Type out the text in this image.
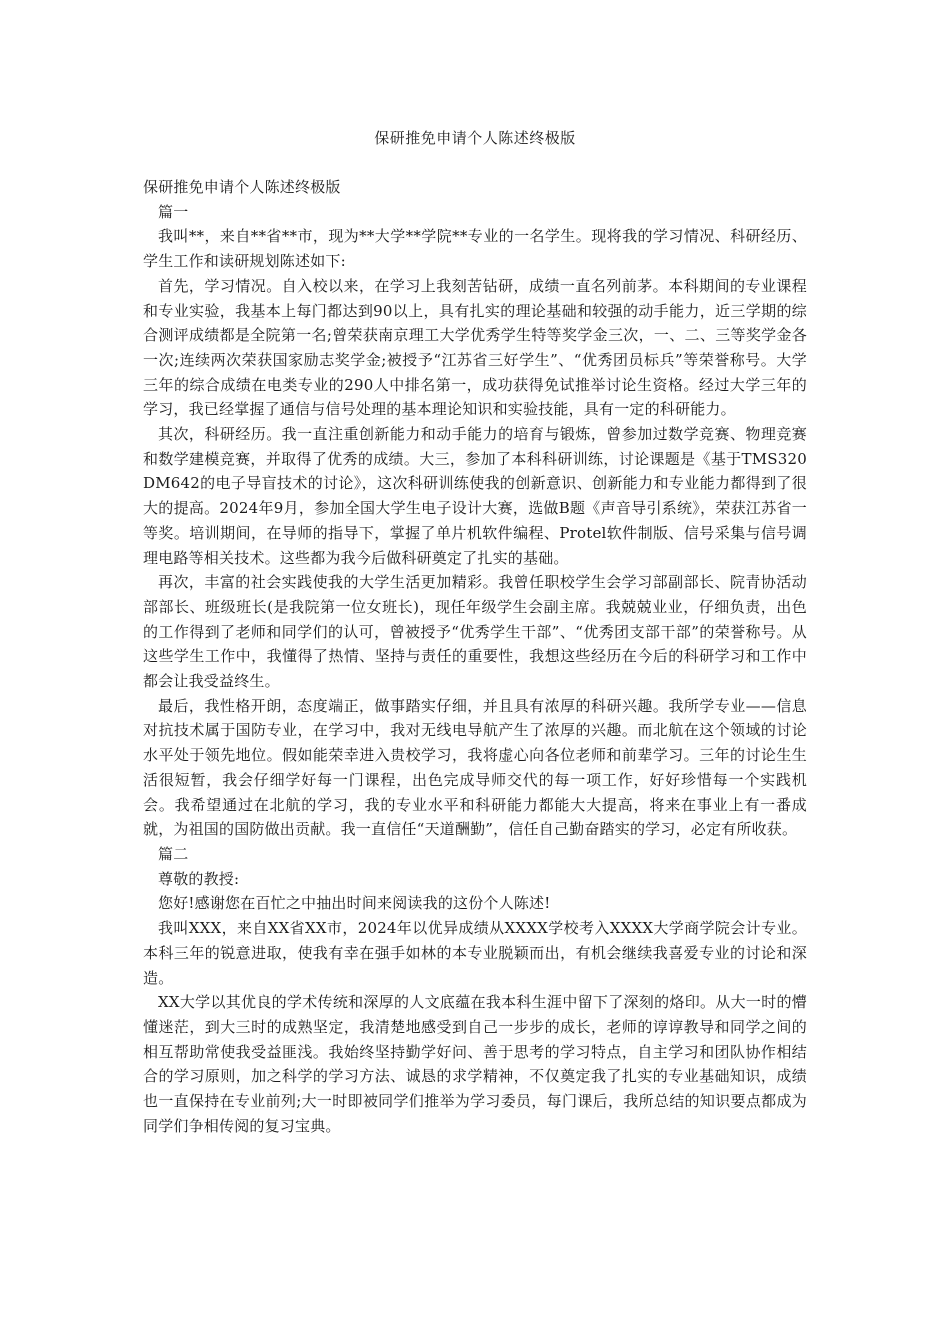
保研推免申请个人陈述终极版

保研推免申请个人陈述终极版

篇一

我叫**，来自**省**市，现为**大学**学院**专业的一名学生。现将我的学习情况、科研经历、学生工作和读研规划陈述如下:

首先，学习情况。自入校以来，在学习上我刻苦钻研，成绩一直名列前茅。本科期间的专业课程和专业实验，我基本上每门都达到90以上，具有扎实的理论基础和较强的动手能力，近三学期的综合测评成绩都是全院第一名;曾荣获南京理工大学优秀学生特等奖学金三次，一、二、三等奖学金各一次;连续两次荣获国家励志奖学金;被授予“江苏省三好学生”、“优秀团员标兵”等荣誉称号。大学三年的综合成绩在电类专业的290人中排名第一，成功获得免试推举讨论生资格。经过大学三年的学习，我已经掌握了通信与信号处理的基本理论知识和实验技能，具有一定的科研能力。

其次，科研经历。我一直注重创新能力和动手能力的培育与锻炼，曾参加过数学竞赛、物理竞赛和数学建模竞赛，并取得了优秀的成绩。大三，参加了本科科研训练，讨论课题是《基于TMS320DM642的电子导盲技术的讨论》，这次科研训练使我的创新意识、创新能力和专业能力都得到了很大的提高。2024年9月，参加全国大学生电子设计大赛，选做B题《声音导引系统》，荣获江苏省一等奖。培训期间，在导师的指导下，掌握了单片机软件编程、Protel软件制版、信号采集与信号调理电路等相关技术。这些都为我今后做科研奠定了扎实的基础。

再次，丰富的社会实践使我的大学生活更加精彩。我曾任职校学生会学习部副部长、院青协活动部部长、班级班长(是我院第一位女班长)，现任年级学生会副主席。我兢兢业业，仔细负责，出色的工作得到了老师和同学们的认可，曾被授予“优秀学生干部”、“优秀团支部干部”的荣誉称号。从这些学生工作中，我懂得了热情、坚持与责任的重要性，我想这些经历在今后的科研学习和工作中都会让我受益终生。

最后，我性格开朗，态度端正，做事踏实仔细，并且具有浓厚的科研兴趣。我所学专业——信息对抗技术属于国防专业，在学习中，我对无线电导航产生了浓厚的兴趣。而北航在这个领域的讨论水平处于领先地位。假如能荣幸进入贵校学习，我将虚心向各位老师和前辈学习。三年的讨论生生活很短暂，我会仔细学好每一门课程，出色完成导师交代的每一项工作，好好珍惜每一个实践机会。我希望通过在北航的学习，我的专业水平和科研能力都能大大提高，将来在事业上有一番成就，为祖国的国防做出贡献。我一直信任“天道酬勤”，信任自己勤奋踏实的学习，必定有所收获。

篇二

尊敬的教授:

您好!感谢您在百忙之中抽出时间来阅读我的这份个人陈述!

我叫XXX，来自XX省XX市，2024年以优异成绩从XXXX学校考入XXXX大学商学院会计专业。本科三年的锐意进取，使我有幸在强手如林的本专业脱颖而出，有机会继续我喜爱专业的讨论和深造。

XX大学以其优良的学术传统和深厚的人文底蕴在我本科生涯中留下了深刻的烙印。从大一时的懵懂迷茫，到大三时的成熟坚定，我清楚地感受到自己一步步的成长，老师的谆谆教导和同学之间的相互帮助常使我受益匪浅。我始终坚持勤学好问、善于思考的学习特点，自主学习和团队协作相结合的学习原则，加之科学的学习方法、诚恳的求学精神，不仅奠定我了扎实的专业基础知识，成绩也一直保持在专业前列;大一时即被同学们推举为学习委员，每门课后，我所总结的知识要点都成为同学们争相传阅的复习宝典。
